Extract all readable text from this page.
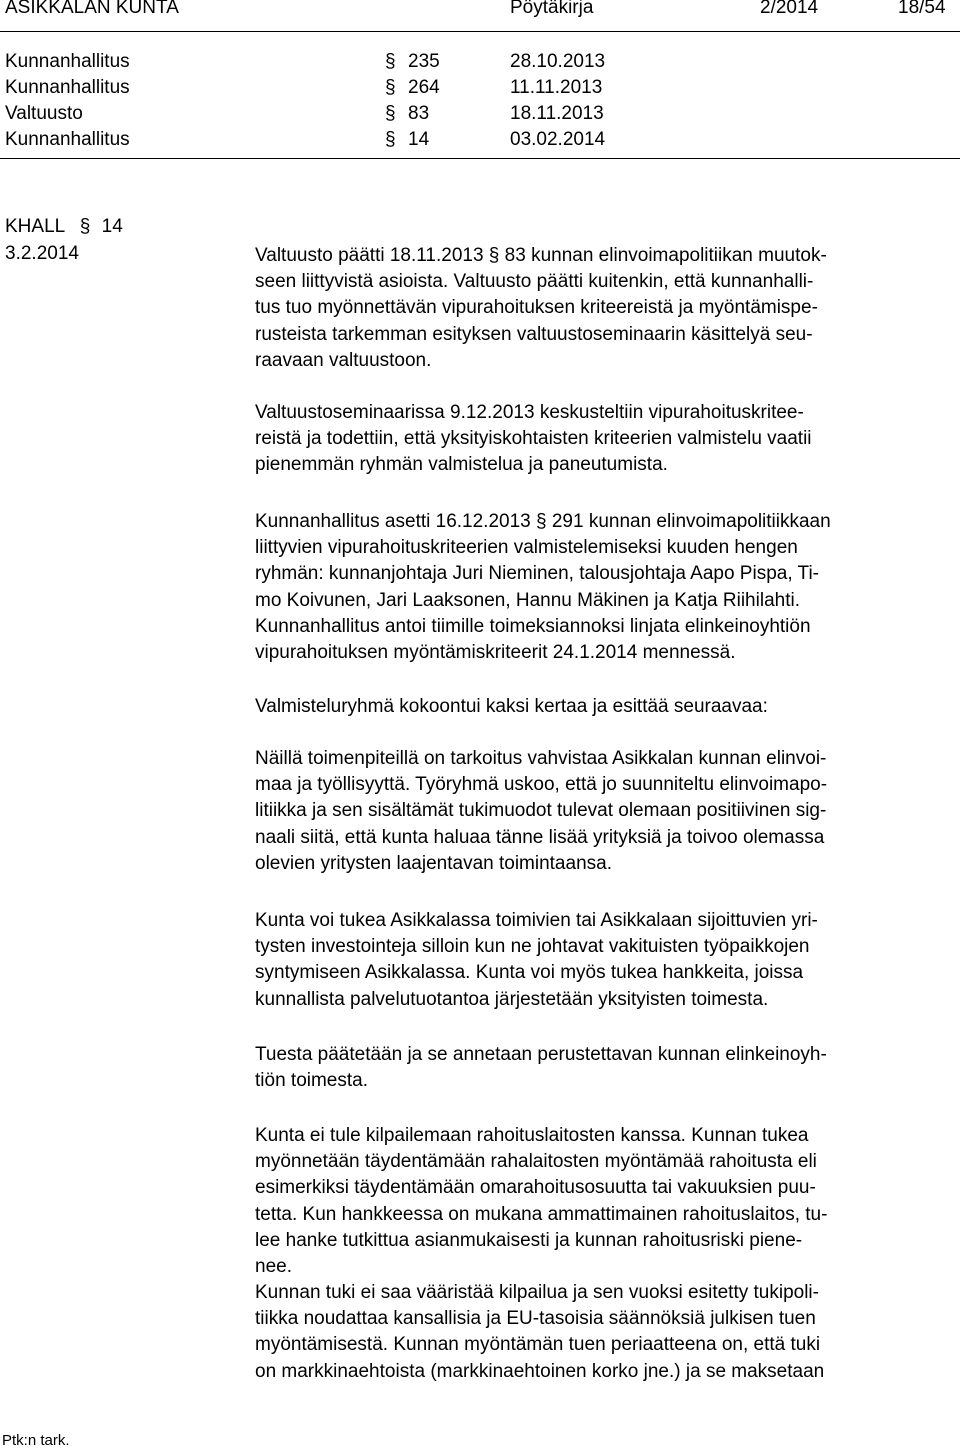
ASIKKALAN KUNTA	Pöytäkirja	2/2014	18/54
Kunnanhallitus	§ 235	28.10.2013
Kunnanhallitus	§ 264	11.11.2013
Valtuusto	§ 83	18.11.2013
Kunnanhallitus	§ 14	03.02.2014
KHALL § 14
3.2.2014	Valtuusto päätti 18.11.2013 § 83 kunnan elinvoimapolitiikan muutok-
seen liittyvistä asioista. Valtuusto päätti kuitenkin, että kunnanhalli-
tus tuo myönnettävän vipurahoituksen kriteereistä ja myöntämispe-
rusteista tarkemman esityksen valtuustoseminaarin käsittelyä seu-
raavaan valtuustoon.

Valtuustoseminaarissa 9.12.2013 keskusteltiin vipurahoituskritee-
reistä ja todettiin, että yksityiskohtaisten kriteerien valmistelu vaatii
pienemmän ryhmän valmistelua ja paneutumista.

Kunnanhallitus asetti 16.12.2013 § 291 kunnan elinvoimapolitiikkaan
liittyvien vipurahoituskriteerien valmistelemiseksi kuuden hengen
ryhmän: kunnanjohtaja Juri Nieminen, talousjohtaja Aapo Pispa, Ti-
mo Koivunen, Jari Laaksonen, Hannu Mäkinen ja Katja Riihilahti.
Kunnanhallitus antoi tiimille toimeksiannoksi linjata elinkeinoyhtiön
vipurahoituksen myöntämiskriteerit 24.1.2014 mennessä.

Valmisteluryhmä kokoontui kaksi kertaa ja esittää seuraavaa:

Näillä toimenpiteillä on tarkoitus vahvistaa Asikkalan kunnan elinvoi-
maa ja työllisyyttä. Työryhmä uskoo, että jo suunniteltu elinvoimapo-
litiikka ja sen sisältämät tukimuodot tulevat olemaan positiivinen sig-
naali siitä, että kunta haluaa tänne lisää yrityksiä ja toivoo olemassa
olevien yritysten laajentavan toimintaansa.

Kunta voi tukea Asikkalassa toimivien tai Asikkalaan sijoittuvien yri-
tysten investointeja silloin kun ne johtavat vakituisten työpaikkojen
syntymiseen Asikkalassa. Kunta voi myös tukea hankkeita, joissa
kunnallista palvelutuotantoa järjestetään yksityisten toimesta.

Tuesta päätetään ja se annetaan perustettavan kunnan elinkeinoyh-
tiön toimesta.

Kunta ei tule kilpailemaan rahoituslaitosten kanssa. Kunnan tukea
myönnetään täydentämään rahalaitosten myöntämää rahoitusta eli
esimerkiksi täydentämään omarahoitusosuutta tai vakuuksien puu-
tetta. Kun hankkeessa on mukana ammattimainen rahoituslaitos, tu-
lee hanke tutkittua asianmukaisesti ja kunnan rahoitusriski piene-
nee.

Kunnan tuki ei saa vääristää kilpailua ja sen vuoksi esitetty tukipoli-
tiikka noudattaa kansallisia ja EU-tasoisia säännöksiä julkisen tuen
myöntämisestä. Kunnan myöntämän tuen periaatteena on, että tuki
on markkinaehtoista (markkinaehtoinen korko jne.) ja se maksetaan

Ptk:n tark.
